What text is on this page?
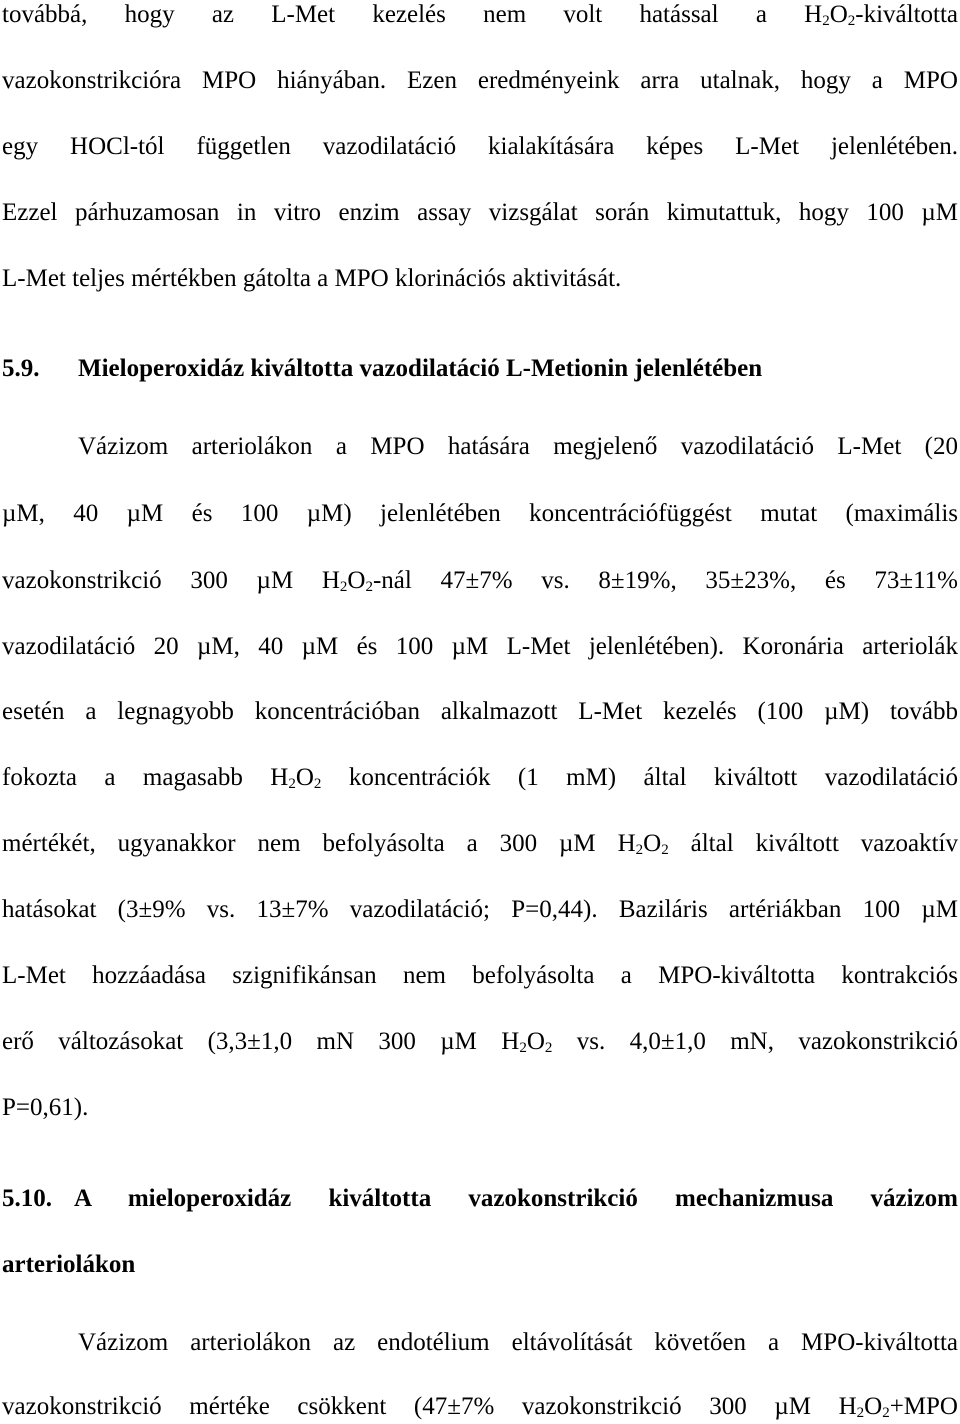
továbbá, hogy az L-Met kezelés nem volt hatással a $H_2O_2$-kiváltotta
vazokonstrikcióra MPO hiányában. Ezen eredményeink arra utalnak, hogy a MPO
egy HOCl-tól független vazodilatáció kialakítására képes L-Met jelenlétében.
Ezzel párhuzamosan in vitro enzim assay vizsgálat során kimutattuk, hogy 100 µM
L-Met teljes mértékben gátolta a MPO klorinációs aktivitását.
5.9. Mieloperoxidáz kiváltotta vazodilatáció L-Metionin jelenlétében
Vázizom arteriolákon a MPO hatására megjelenő vazodilatáció L-Met (20
µM, 40 µM és 100 µM) jelenlétében koncentrációfüggést mutat (maximális
vazokonstrikció 300 µM $H_2O_2$-nál 47±7% vs. 8±19%, 35±23%, és 73±11%
vazodilatáció 20 µM, 40 µM és 100 µM L-Met jelenlétében). Koronária arteriolák
esetén a legnagyobb koncentrációban alkalmazott L-Met kezelés (100 µM) tovább
fokozta a magasabb $H_2O_2$ koncentrációk (1 mM) által kiváltott vazodilatáció
mértékét, ugyanakkor nem befolyásolta a 300 µM $H_2O_2$ által kiváltott vazoaktív
hatásokat (3±9% vs. 13±7% vazodilatáció; P=0,44). Baziláris artériákban 100 µM
L-Met hozzáadása szignifikánsan nem befolyásolta a MPO-kiváltotta kontrakciós
erő változásokat (3,3±1,0 mN 300 µM $H_2O_2$ vs. 4,0±1,0 mN, vazokonstrikció
P=0,61).
5.10. A mieloperoxidáz kiváltotta vazokonstrikció mechanizmusa vázizom
arteriolákon
Vázizom arteriolákon az endotélium eltávolítását követően a MPO-kiváltotta
vazokonstrikció mértéke csökkent (47±7% vazokonstrikció 300 µM $H_2O_2+MPO$
